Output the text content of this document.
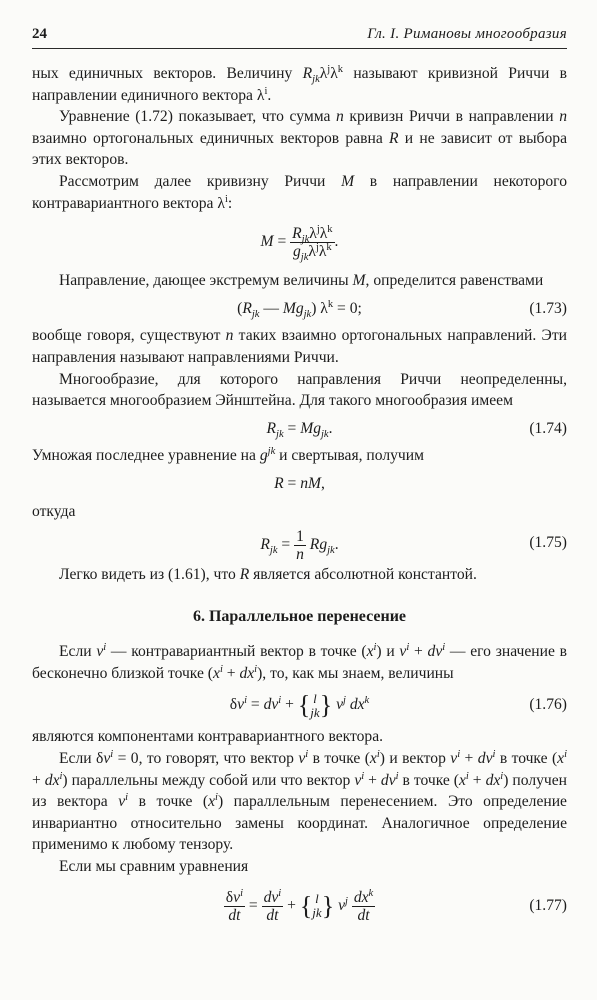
24	Гл. I. Римановы многообразия

ных единичных векторов. Величину $R_{jk}\lambda^j\lambda^k$ называют кривизной Риччи в направлении единичного вектора $\lambda^i$.

Уравнение (1.72) показывает, что сумма n кривизн Риччи в направлении n взаимно ортогональных единичных векторов равна R и не зависит от выбора этих векторов.

Рассмотрим далее кривизну Риччи M в направлении некоторого контравариантного вектора $\lambda^i$:

$M = \frac{R_{jk}\lambda^j\lambda^k}{g_{jk}\lambda^j\lambda^k}$ .

Направление, дающее экстремум величины M, определится равенствами

($R_{jk}$ — $Mg_{jk}$) $\lambda^k = 0$;	(1.73)

вообще говоря, существуют n таких взаимно ортогональных направлений. Эти направления называют направлениями Риччи.

Многообразие, для которого направления Риччи неопределенны, называется многообразием Эйнштейна. Для такого многообразия имеем

$R_{jk} = Mg_{jk}$.	(1.74)

Умножая последнее уравнение на $g^{jk}$ и свертывая, получим

R = nM,

откуда

$R_{jk} = \frac{1}{n} Rg_{jk}$.	(1.75)

Легко видеть из (1.61), что R является абсолютной константой.

6. Параллельное перенесение

Если $v^i$ — контравариантный вектор в точке $(x^i)$ и $v^i + dv^i$ — его значение в бесконечно близкой точке $(x^i + dx^i)$, то, как мы знаем, величины

$\delta v^i = dv^i$ + { l
jk } $v^j$ $dx^k$	(1.76)

являются компонентами контравариантного вектора.

Если $\delta v^i = 0$, то говорят, что вектор $v^i$ в точке $(x^i)$ и вектор $v^i + dv^i$ в точке $(x^i + dx^i)$ параллельны между собой или что вектор $v^i + dv^i$ в точке $(x^i + dx^i)$ получен из вектора $v^i$ в точке $(x^i)$ параллельным перенесением. Это определение инвариантно относительно замены координат. Аналогичное определение применимо к любому тензору.

Если мы сравним уравнения

$\frac{\delta v^i}{dt} = \frac{dv^i}{dt}$ + { l
jk } $v^j \frac{dx^k}{dt}$	(1.77)
